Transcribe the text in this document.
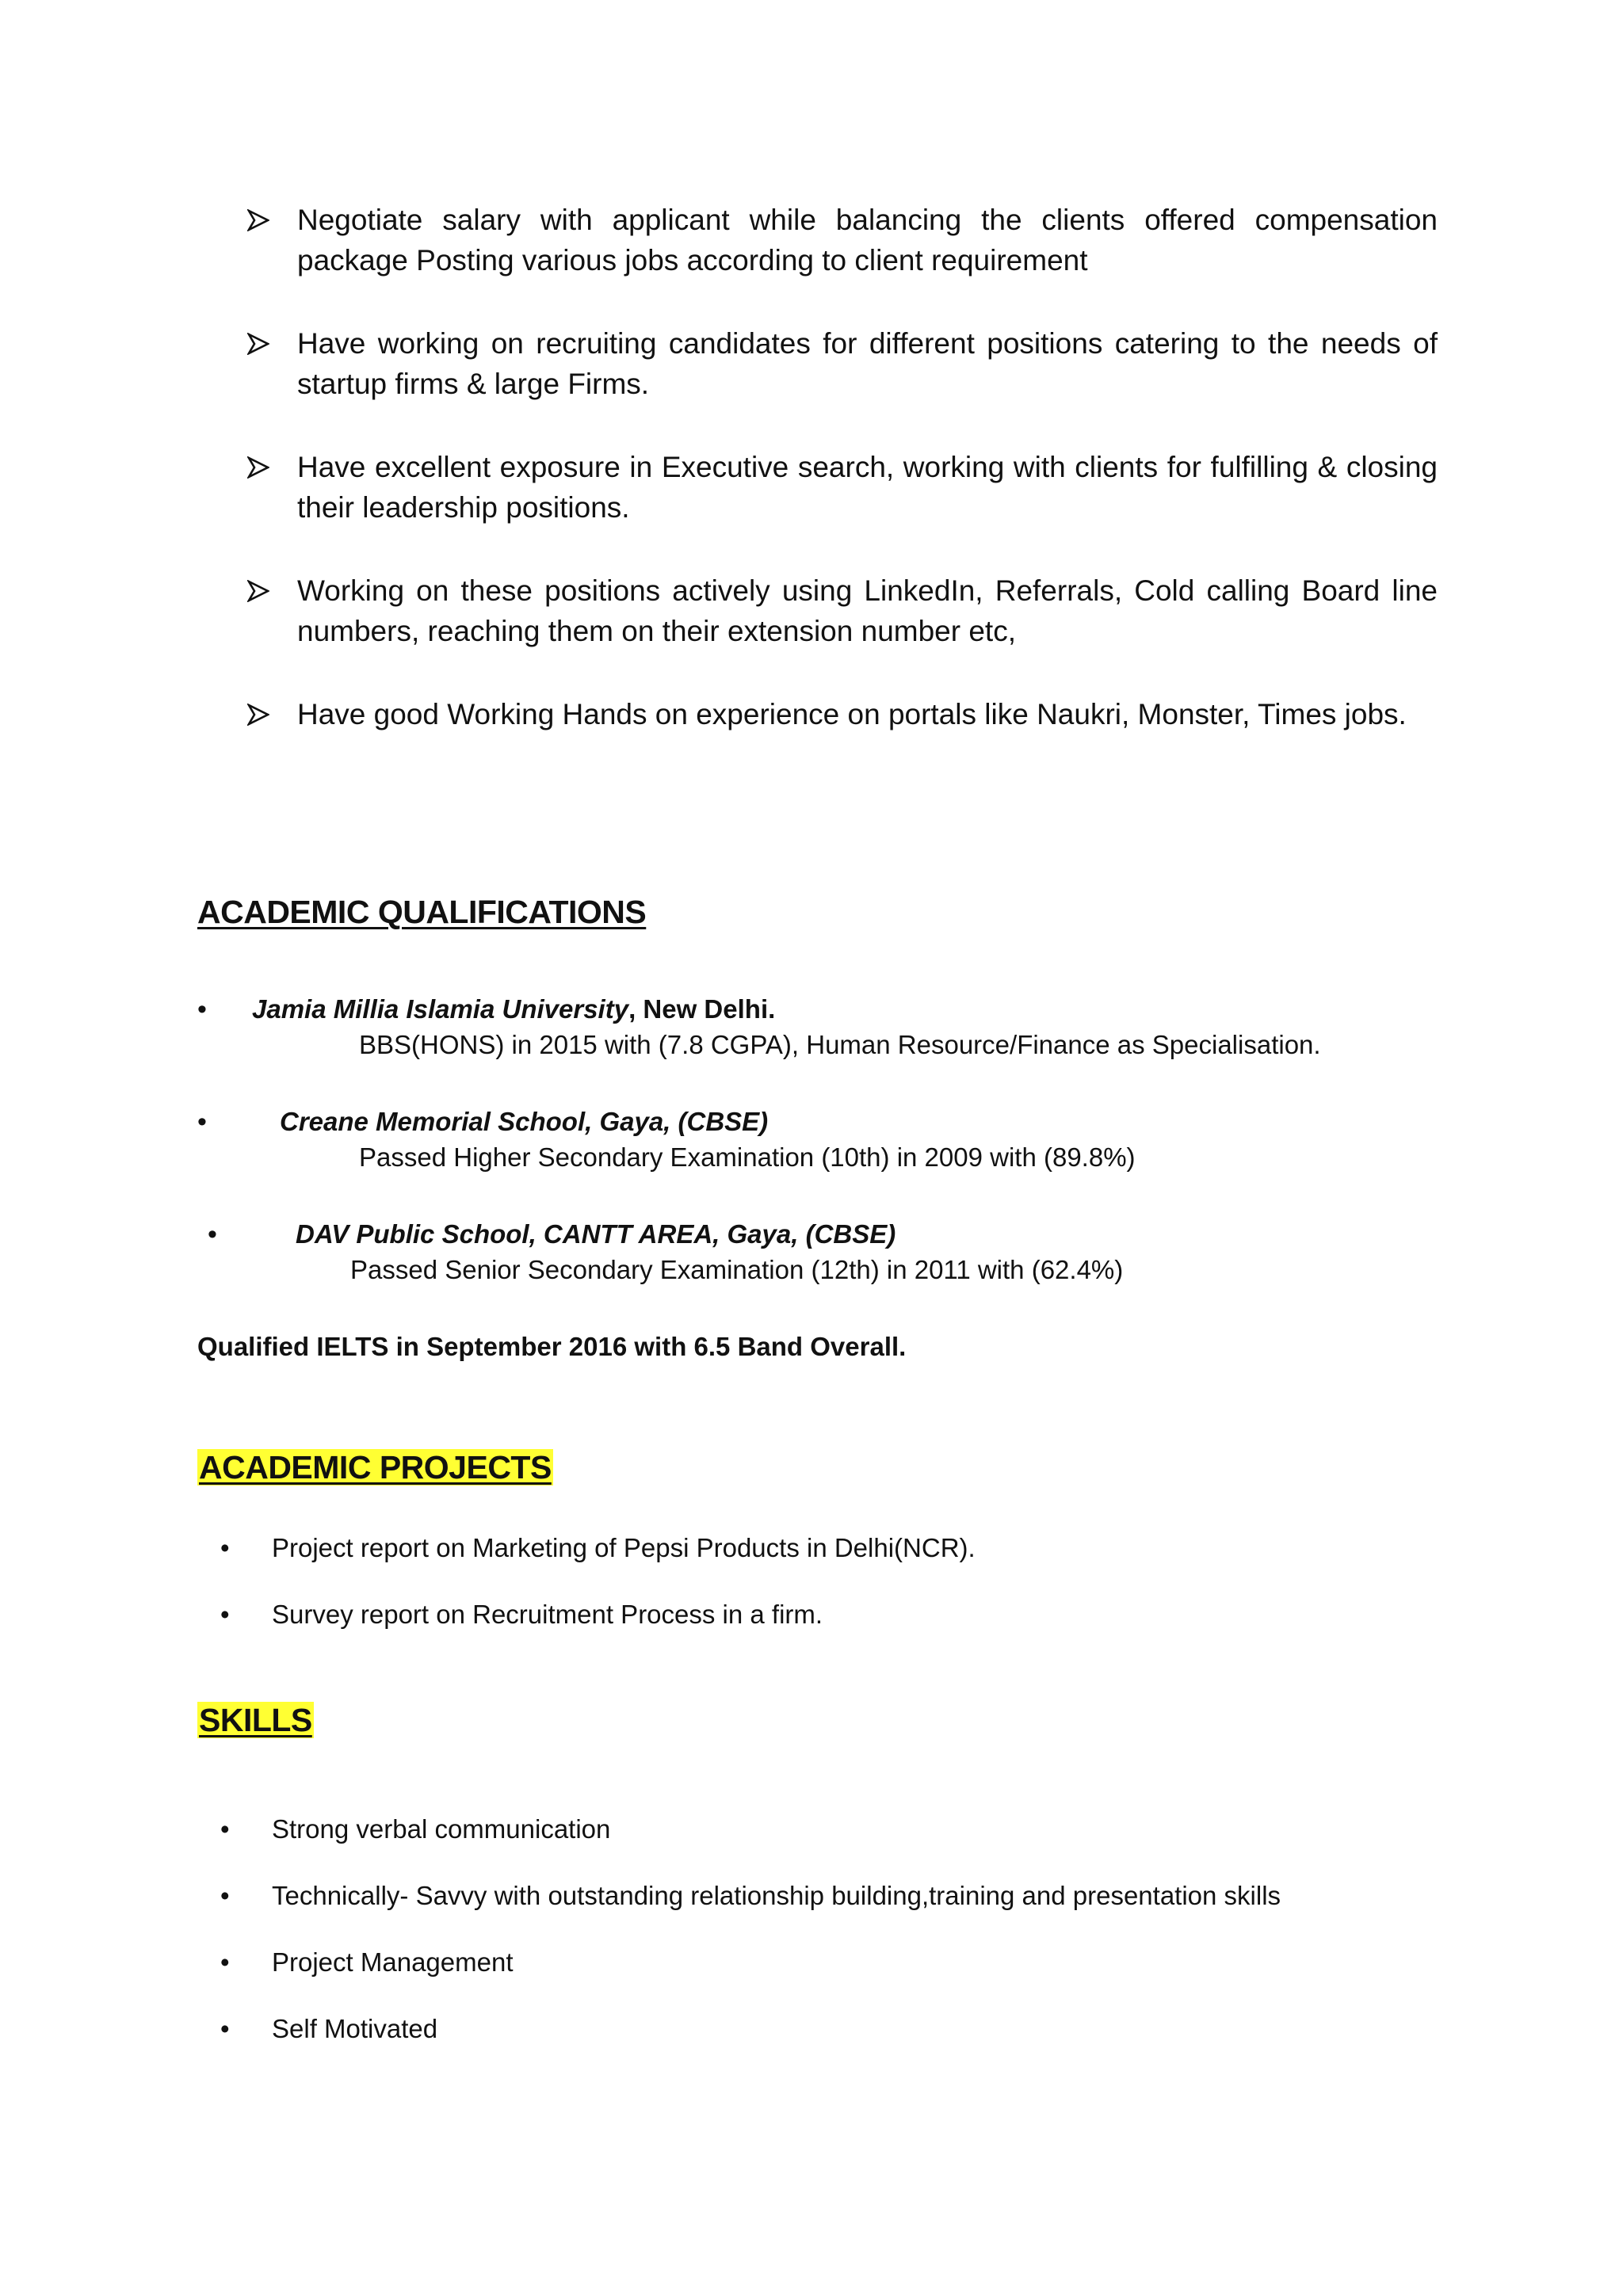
Negotiate salary with applicant while balancing the clients offered compensation package Posting various jobs according to client requirement
Have working on recruiting candidates for different positions catering to the needs of startup firms & large Firms.
Have excellent exposure in Executive search, working with clients for fulfilling & closing their leadership positions.
Working on these positions actively using LinkedIn, Referrals, Cold calling Board line numbers, reaching them on their extension number etc,
Have good Working Hands on experience on portals like Naukri, Monster, Times jobs.
ACADEMIC QUALIFICATIONS
• Jamia Millia Islamia University, New Delhi.
BBS(HONS) in 2015 with (7.8 CGPA), Human Resource/Finance as Specialisation.
•	Creane Memorial School, Gaya, (CBSE)
Passed Higher Secondary Examination (10th) in 2009 with (89.8%)
•	DAV Public School, CANTT AREA, Gaya, (CBSE)
Passed Senior Secondary Examination (12th) in 2011 with (62.4%)

Qualified IELTS in September 2016 with 6.5 Band Overall.

ACADEMIC PROJECTS
• Project report on Marketing of Pepsi Products in Delhi(NCR).
• Survey report on Recruitment Process in a firm.
SKILLS
• Strong verbal communication
• Technically- Savvy with outstanding relationship building,training and presentation skills
• Project Management
• Self Motivated
